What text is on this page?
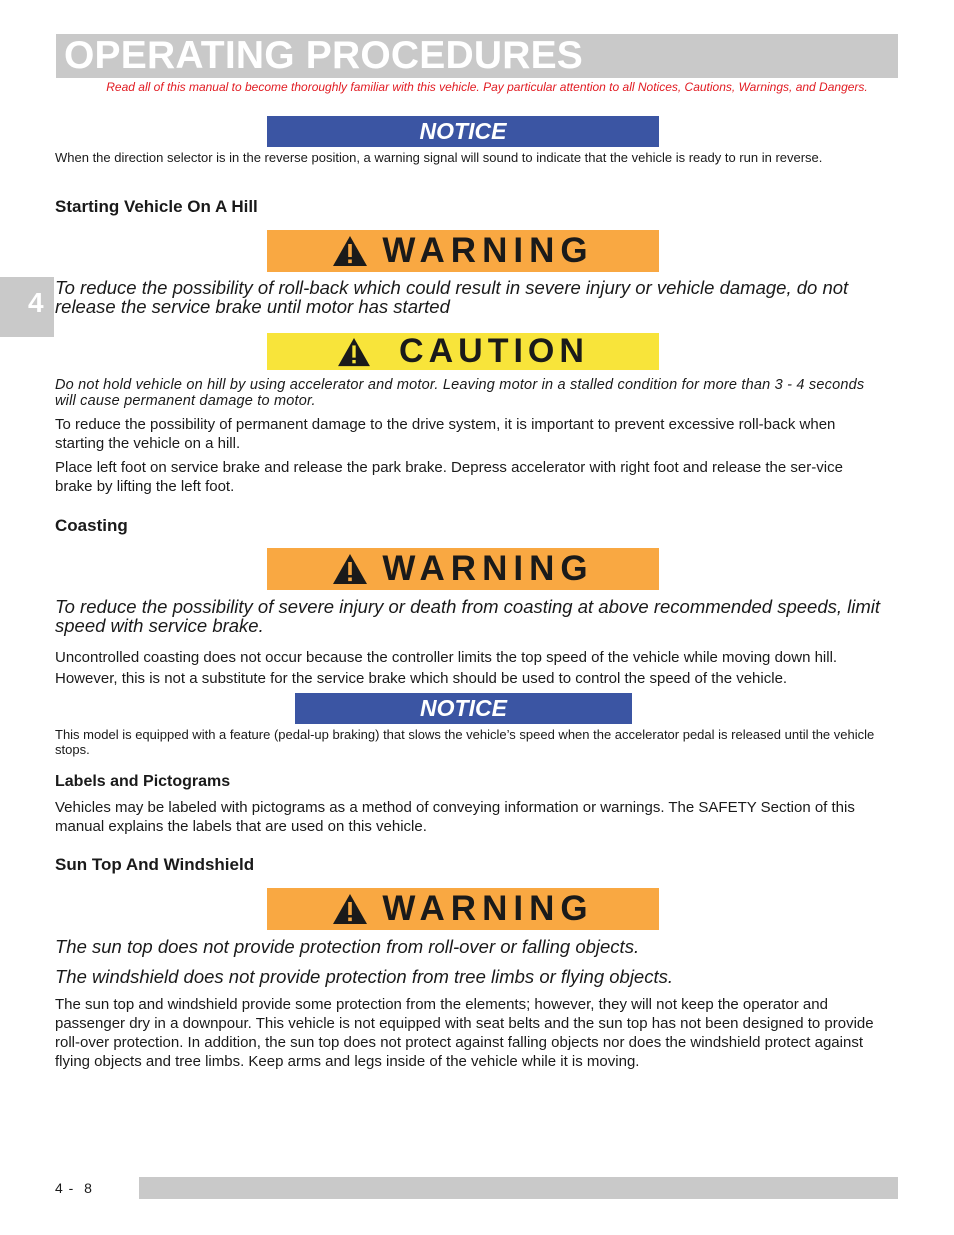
OPERATING PROCEDURES
Read all of this manual to become thoroughly familiar with this vehicle. Pay particular attention to all Notices, Cautions, Warnings, and Dangers.
4
NOTICE
When the direction selector is in the reverse position, a warning signal will sound to indicate that the vehicle is ready to run in reverse.
Starting Vehicle On A Hill
WARNING
To reduce the possibility of roll-back which could result in severe injury or vehicle damage, do not release the service brake until motor has started
CAUTION
Do not hold vehicle on hill by using accelerator and motor. Leaving motor in a stalled condition for more than 3 - 4 seconds will cause permanent damage to motor.
To reduce the possibility of permanent damage to the drive system, it is important to prevent excessive roll-back when starting the vehicle on a hill.
Place left foot on service brake and release the park brake. Depress accelerator with right foot and release the ser-vice brake by lifting the left foot.
Coasting
WARNING
To reduce the possibility of severe injury or death from coasting at above recommended speeds, limit speed with service brake.
Uncontrolled coasting does not occur because the controller limits the top speed of the vehicle while moving down hill.
However, this is not a substitute for the service brake which should be used to control the speed of the vehicle.
NOTICE
This model is equipped with a feature (pedal-up braking) that slows the vehicle’s speed when the accelerator pedal is released until the vehicle stops.
Labels and Pictograms
Vehicles may be labeled with pictograms as a method of conveying information or warnings. The SAFETY Section of this manual explains the labels that are used on this vehicle.
Sun Top And Windshield
WARNING
The sun top does not provide protection from roll-over or falling objects.
The windshield does not provide protection from tree limbs or flying objects.
The sun top and windshield provide some protection from the elements; however, they will not keep the operator and passenger dry in a downpour. This vehicle is not equipped with seat belts and the sun top has not been designed to provide roll-over protection. In addition, the sun top does not protect against falling objects nor does the windshield protect against flying objects and tree limbs. Keep arms and legs inside of the vehicle while it is moving.
4 -  8
